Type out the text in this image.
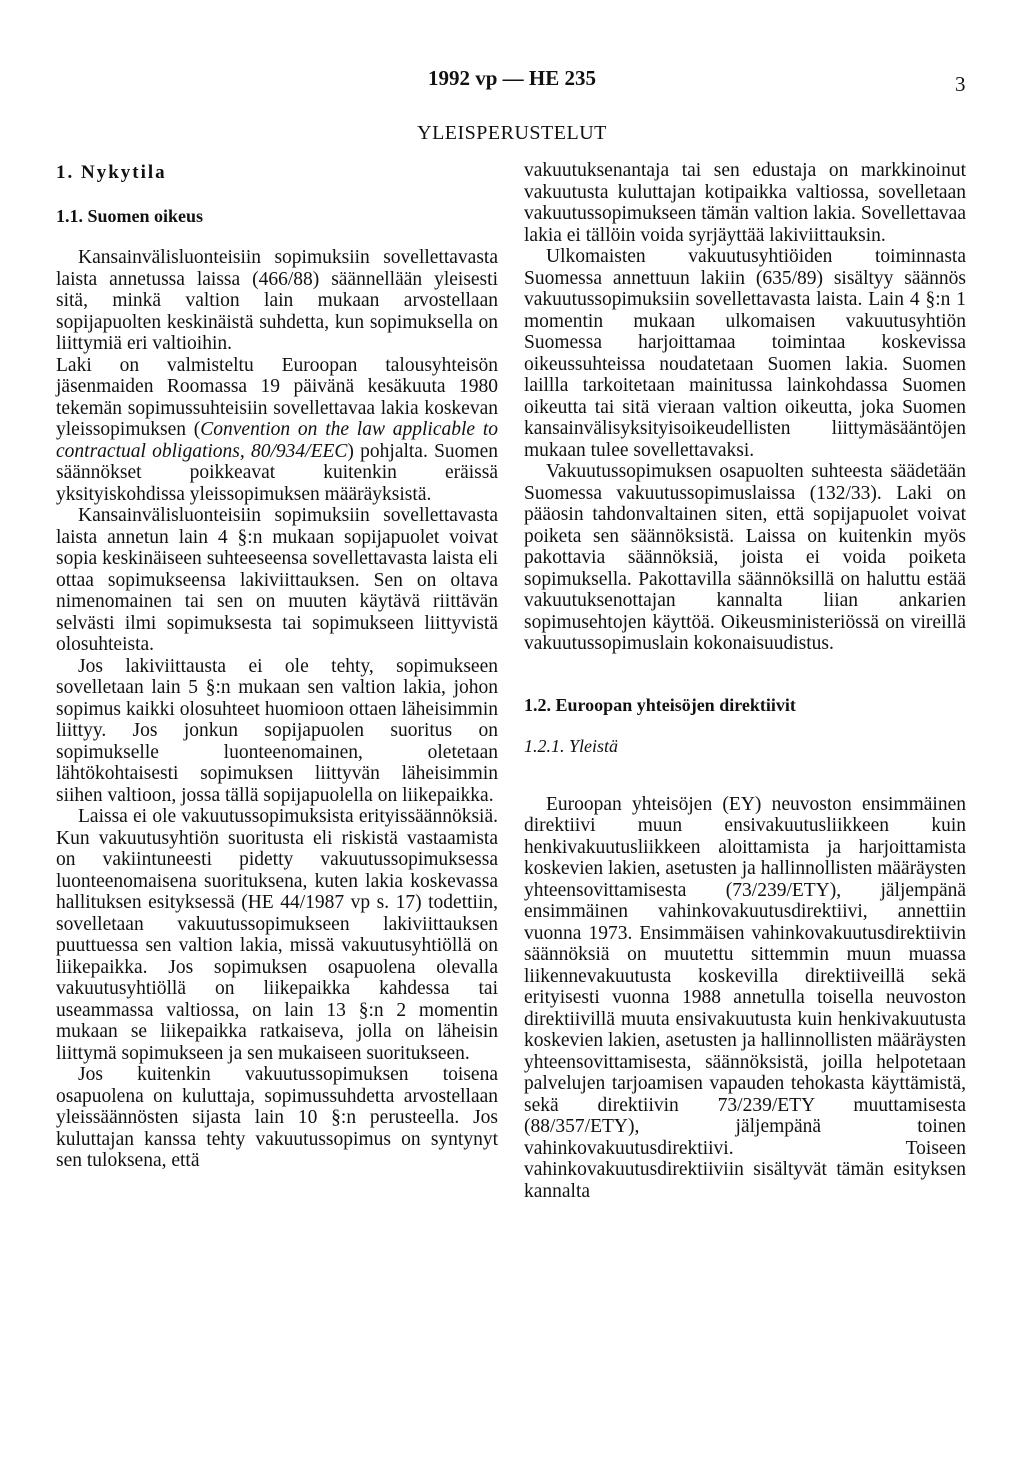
1992 vp — HE 235	3
YLEISPERUSTELUT
1. Nykytila
1.1. Suomen oikeus

Kansainvälisluonteisiin sopimuksiin sovellettavasta laista annetussa laissa (466/88) säännellään yleisesti sitä, minkä valtion lain mukaan arvostellaan sopijapuolten keskinäistä suhdetta, kun sopimuksella on liittymiä eri valtioihin.

Laki on valmisteltu Euroopan talousyhteisön jäsenmaiden Roomassa 19 päivänä kesäkuuta 1980 tekemän sopimussuhteisiin sovellettavaa lakia koskevan yleissopimuksen (Convention on the law applicable to contractual obligations, 80/934/EEC) pohjalta. Suomen säännökset poikkeavat kuitenkin eräissä yksityiskohdissa yleissopimuksen määräyksistä.

Kansainvälisluonteisiin sopimuksiin sovellettavasta laista annetun lain 4 §:n mukaan sopijapuolet voivat sopia keskinäiseen suhteeseensa sovellettavasta laista eli ottaa sopimukseensa lakiviittauksen. Sen on oltava nimenomainen tai sen on muuten käytävä riittävän selvästi ilmi sopimuksesta tai sopimukseen liittyvistä olosuhteista.

Jos lakiviittausta ei ole tehty, sopimukseen sovelletaan lain 5 §:n mukaan sen valtion lakia, johon sopimus kaikki olosuhteet huomioon ottaen läheisimmin liittyy. Jos jonkun sopijapuolen suoritus on sopimukselle luonteenomainen, oletetaan lähtökohtaisesti sopimuksen liittyvän läheisimmin siihen valtioon, jossa tällä sopijapuolella on liikepaikka.

Laissa ei ole vakuutussopimuksista erityissäännöksiä. Kun vakuutusyhtiön suoritusta eli riskistä vastaamista on vakiintuneesti pidetty vakuutussopimuksessa luonteenomaisena suorituksena, kuten lakia koskevassa hallituksen esityksessä (HE 44/1987 vp s. 17) todettiin, sovelletaan vakuutussopimukseen lakiviittauksen puuttuessa sen valtion lakia, missä vakuutusyhtiöllä on liikepaikka. Jos sopimuksen osapuolena olevalla vakuutusyhtiöllä on liikepaikka kahdessa tai useammassa valtiossa, on lain 13 §:n 2 momentin mukaan se liikepaikka ratkaiseva, jolla on läheisin liittymä sopimukseen ja sen mukaiseen suoritukseen.

Jos kuitenkin vakuutussopimuksen toisena osapuolena on kuluttaja, sopimussuhdetta arvostellaan yleissäännösten sijasta lain 10 §:n perusteella. Jos kuluttajan kanssa tehty vakuutussopimus on syntynyt sen tuloksena, että

vakuutuksenantaja tai sen edustaja on markkinoinut vakuutusta kuluttajan kotipaikka valtiossa, sovelletaan vakuutussopimukseen tämän valtion lakia. Sovellettavaa lakia ei tällöin voida syrjäyttää lakiviittauksin.

Ulkomaisten vakuutusyhtiöiden toiminnasta Suomessa annettuun lakiin (635/89) sisältyy säännös vakuutussopimuksiin sovellettavasta laista. Lain 4 §:n 1 momentin mukaan ulkomaisen vakuutusyhtiön Suomessa harjoittamaa toimintaa koskevissa oikeussuhteissa noudatetaan Suomen lakia. Suomen laillla tarkoitetaan mainitussa lainkohdassa Suomen oikeutta tai sitä vieraan valtion oikeutta, joka Suomen kansainvälisyksityisoikeudellisten liittymäsääntöjen mukaan tulee sovellettavaksi.

Vakuutussopimuksen osapuolten suhteesta säädetään Suomessa vakuutussopimuslaissa (132/33). Laki on pääosin tahdonvaltainen siten, että sopijapuolet voivat poiketa sen säännöksistä. Laissa on kuitenkin myös pakottavia säännöksiä, joista ei voida poiketa sopimuksella. Pakottavilla säännöksillä on haluttu estää vakuutuksenottajan kannalta liian ankarien sopimusehtojen käyttöä. Oikeusministeriössä on vireillä vakuutussopimuslain kokonaisuudistus.

1.2. Euroopan yhteisöjen direktiivit
1.2.1. Yleistä

Euroopan yhteisöjen (EY) neuvoston ensimmäinen direktiivi muun ensivakuutusliikkeen kuin henkivakuutusliikkeen aloittamista ja harjoittamista koskevien lakien, asetusten ja hallinnollisten määräysten yhteensovittamisesta (73/239/ETY), jäljempänä ensimmäinen vahinkovakuutusdirektiivi, annettiin vuonna 1973. Ensimmäisen vahinkovakuutusdirektiivin säännöksiä on muutettu sittemmin muun muassa liikennevakuutusta koskevilla direktiiveillä sekä erityisesti vuonna 1988 annetulla toisella neuvoston direktiivillä muuta ensivakuutusta kuin henkivakuutusta koskevien lakien, asetusten ja hallinnollisten määräysten yhteensovittamisesta, säännöksistä, joilla helpotetaan palvelujen tarjoamisen vapauden tehokasta käyttämistä, sekä direktiivin 73/239/ETY muuttamisesta (88/357/ETY), jäljempänä toinen vahinkovakuutusdirektiivi. Toiseen vahinkovakuutusdirektiiviin sisältyvät tämän esityksen kannalta
